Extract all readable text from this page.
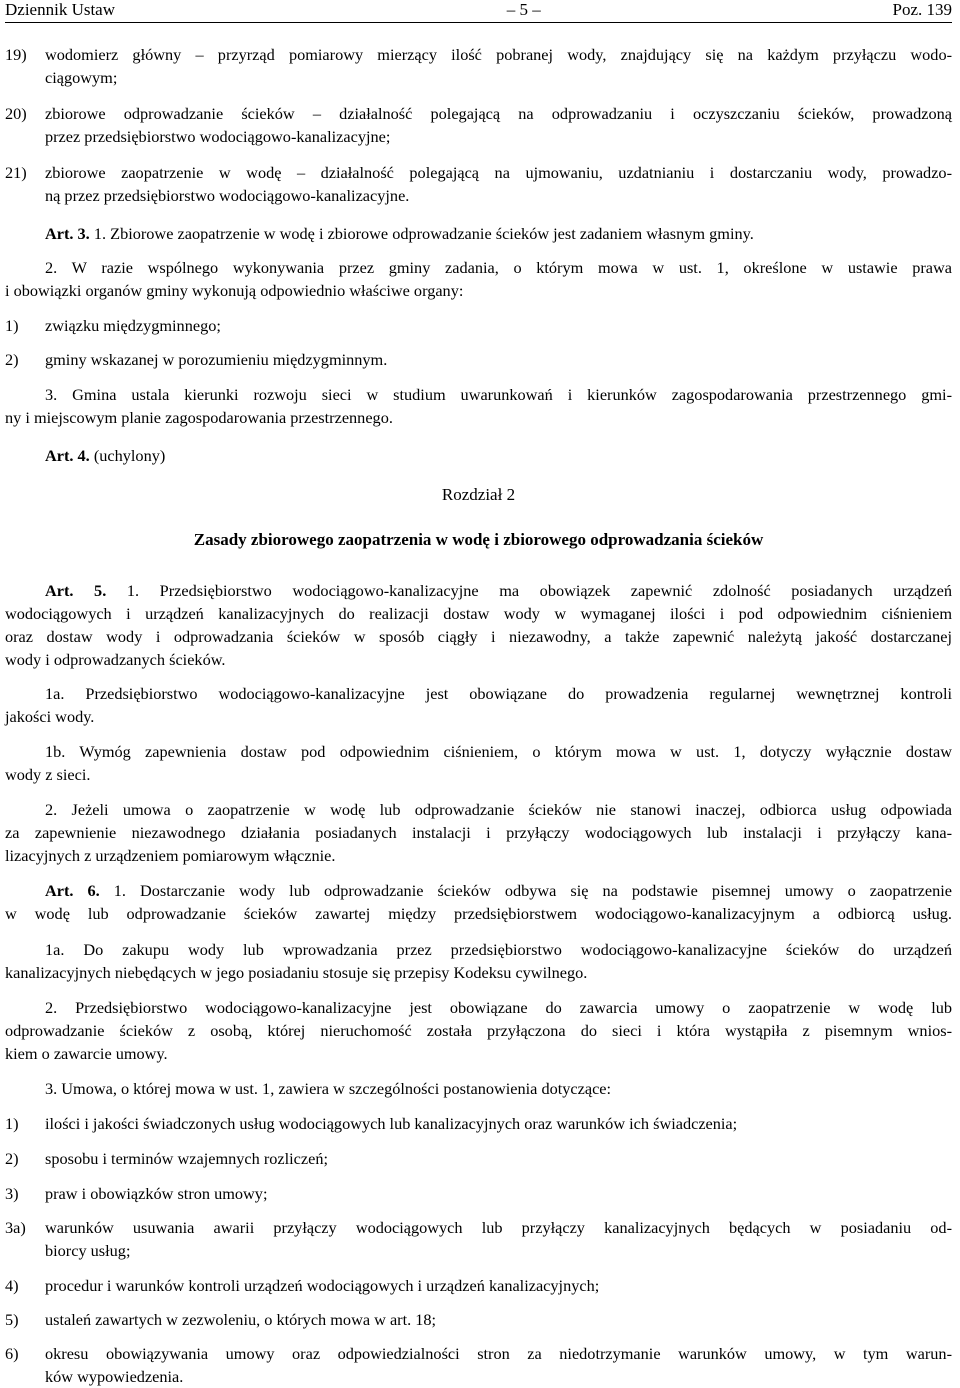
Dziennik Ustaw	– 5 –	Poz. 139
19) wodomierz główny – przyrząd pomiarowy mierzący ilość pobranej wody, znajdujący się na każdym przyłączu wodo-
ciągowym;
20) zbiorowe odprowadzanie ścieków – działalność polegającą na odprowadzaniu i oczyszczaniu ścieków, prowadzoną
przez przedsiębiorstwo wodociągowo-kanalizacyjne;
21) zbiorowe zaopatrzenie w wodę – działalność polegającą na ujmowaniu, uzdatnianiu i dostarczaniu wody, prowadzo-
ną przez przedsiębiorstwo wodociągowo-kanalizacyjne.
Art. 3. 1. Zbiorowe zaopatrzenie w wodę i zbiorowe odprowadzanie ścieków jest zadaniem własnym gminy.
2. W razie wspólnego wykonywania przez gminy zadania, o którym mowa w ust. 1, określone w ustawie prawa
i obowiązki organów gminy wykonują odpowiednio właściwe organy:
1) związku międzygminnego;
2) gminy wskazanej w porozumieniu międzygminnym.
3. Gmina ustala kierunki rozwoju sieci w studium uwarunkowań i kierunków zagospodarowania przestrzennego gmi-
ny i miejscowym planie zagospodarowania przestrzennego.
Art. 4. (uchylony)
Rozdział 2
Zasady zbiorowego zaopatrzenia w wodę i zbiorowego odprowadzania ścieków
Art. 5. 1. Przedsiębiorstwo wodociągowo-kanalizacyjne ma obowiązek zapewnić zdolność posiadanych urządzeń
wodociągowych i urządzeń kanalizacyjnych do realizacji dostaw wody w wymaganej ilości i pod odpowiednim ciśnieniem
oraz dostaw wody i odprowadzania ścieków w sposób ciągły i niezawodny, a także zapewnić należytą jakość dostarczanej
wody i odprowadzanych ścieków.
1a. Przedsiębiorstwo wodociągowo-kanalizacyjne jest obowiązane do prowadzenia regularnej wewnętrznej kontroli
jakości wody.
1b. Wymóg zapewnienia dostaw pod odpowiednim ciśnieniem, o którym mowa w ust. 1, dotyczy wyłącznie dostaw
wody z sieci.
2. Jeżeli umowa o zaopatrzenie w wodę lub odprowadzanie ścieków nie stanowi inaczej, odbiorca usług odpowiada
za zapewnienie niezawodnego działania posiadanych instalacji i przyłączy wodociągowych lub instalacji i przyłączy kana-
lizacyjnych z urządzeniem pomiarowym włącznie.
Art. 6. 1. Dostarczanie wody lub odprowadzanie ścieków odbywa się na podstawie pisemnej umowy o zaopatrzenie
w wodę lub odprowadzanie ścieków zawartej między przedsiębiorstwem wodociągowo-kanalizacyjnym a odbiorcą usług.
1a. Do zakupu wody lub wprowadzania przez przedsiębiorstwo wodociągowo-kanalizacyjne ścieków do urządzeń
kanalizacyjnych niebędących w jego posiadaniu stosuje się przepisy Kodeksu cywilnego.
2. Przedsiębiorstwo wodociągowo-kanalizacyjne jest obowiązane do zawarcia umowy o zaopatrzenie w wodę lub
odprowadzanie ścieków z osobą, której nieruchomość została przyłączona do sieci i która wystąpiła z pisemnym wnios-
kiem o zawarcie umowy.
3. Umowa, o której mowa w ust. 1, zawiera w szczególności postanowienia dotyczące:
1) ilości i jakości świadczonych usług wodociągowych lub kanalizacyjnych oraz warunków ich świadczenia;
2) sposobu i terminów wzajemnych rozliczeń;
3) praw i obowiązków stron umowy;
3a) warunków usuwania awarii przyłączy wodociągowych lub przyłączy kanalizacyjnych będących w posiadaniu od-
biorcy usług;
4) procedur i warunków kontroli urządzeń wodociągowych i urządzeń kanalizacyjnych;
5) ustaleń zawartych w zezwoleniu, o których mowa w art. 18;
6) okresu obowiązywania umowy oraz odpowiedzialności stron za niedotrzymanie warunków umowy, w tym warun-
ków wypowiedzenia.
